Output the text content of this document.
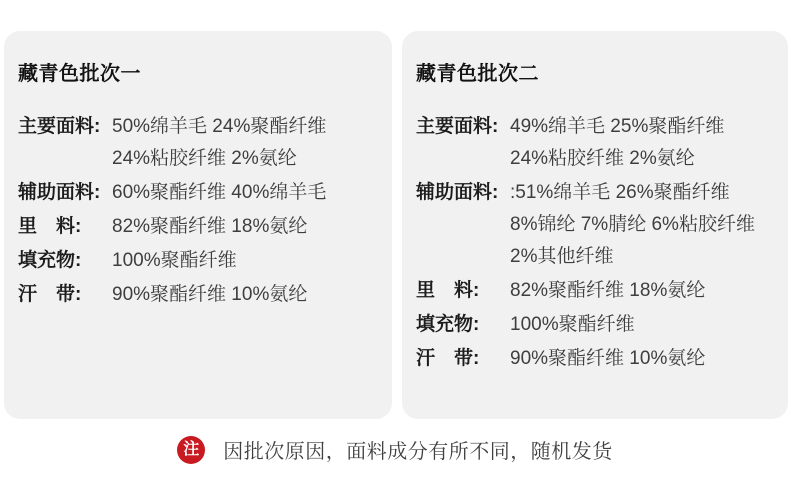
藏青色批次一
主要面料: 50%绵羊毛 24%聚酯纤维
24%粘胶纤维 2%氨纶
辅助面料: 60%聚酯纤维 40%绵羊毛
里　料:	82%聚酯纤维 18%氨纶
填充物:	100%聚酯纤维
汗　带:	90%聚酯纤维 10%氨纶
藏青色批次二
主要面料: 49%绵羊毛 25%聚酯纤维
24%粘胶纤维 2%氨纶
辅助面料: :51%绵羊毛 26%聚酯纤维
8%锦纶 7%腈纶 6%粘胶纤维
2%其他纤维
里　料:	82%聚酯纤维 18%氨纶
填充物:	100%聚酯纤维
汗　带:	90%聚酯纤维 10%氨纶
注	因批次原因，面料成分有所不同，随机发货
